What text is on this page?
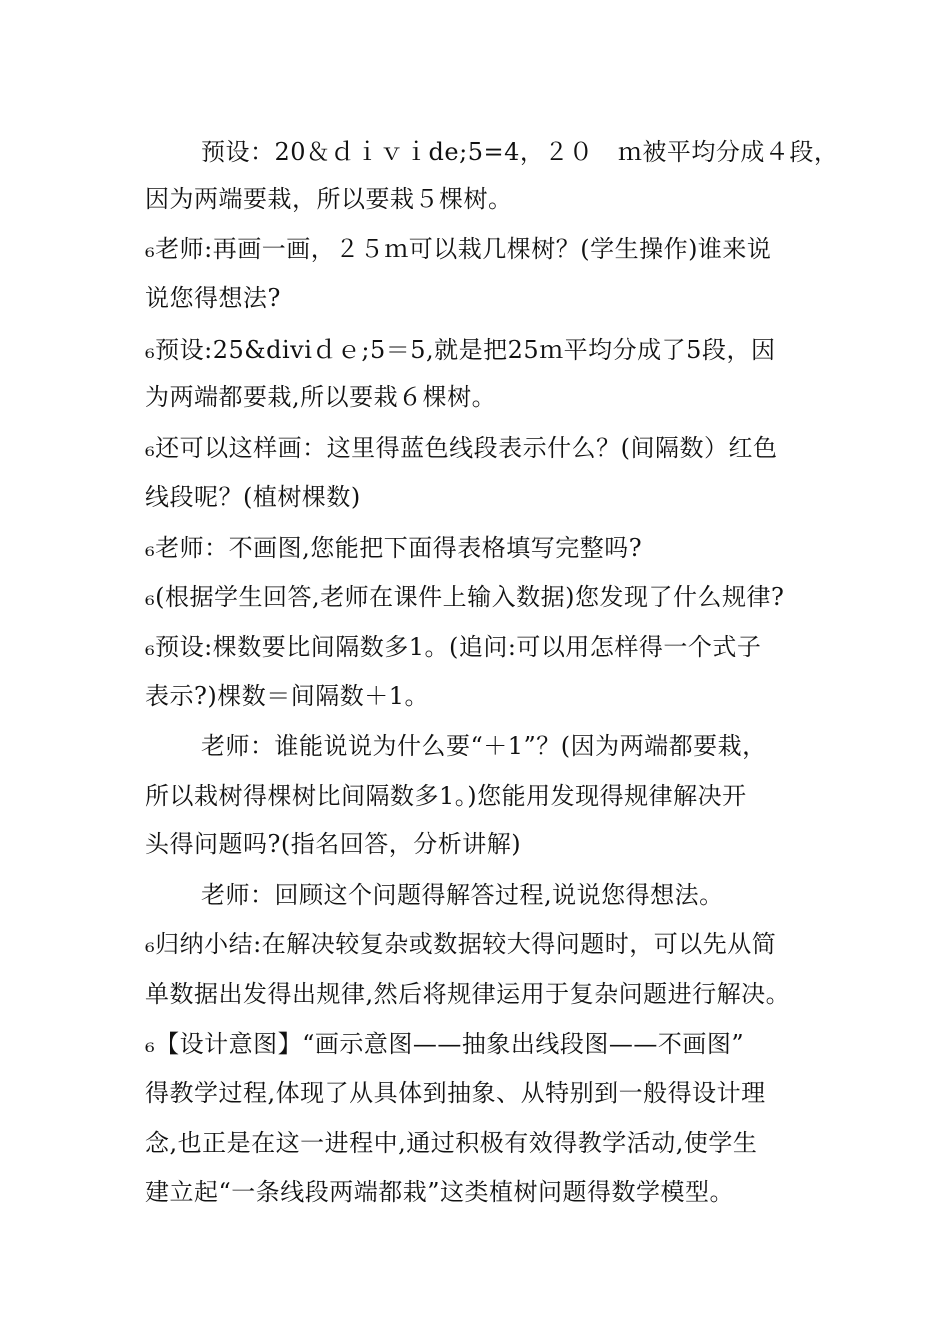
预设：20＆ｄｉｖｉde;5=4，２０　ｍ被平均分成４段，
因为两端要栽，所以要栽５棵树。
₆老师:再画一画，２５ｍ可以栽几棵树？(学生操作)谁来说
说您得想法?
₆预设:25&diviｄｅ;5＝5,就是把25ｍ平均分成了5段，因
为两端都要栽,所以要栽６棵树。
₆还可以这样画：这里得蓝色线段表示什么？(间隔数）红色
线段呢？(植树棵数)
₆老师：不画图,您能把下面得表格填写完整吗?
₆(根据学生回答,老师在课件上输入数据)您发现了什么规律?
₆预设:棵数要比间隔数多1。(追问:可以用怎样得一个式子
表示?)棵数＝间隔数＋1。
老师：谁能说说为什么要“＋1”？(因为两端都要栽，
所以栽树得棵树比间隔数多1。)您能用发现得规律解决开
头得问题吗?(指名回答，分析讲解)
老师：回顾这个问题得解答过程,说说您得想法。
₆归纳小结:在解决较复杂或数据较大得问题时，可以先从简
单数据出发得出规律,然后将规律运用于复杂问题进行解决。
₆【设计意图】“画示意图——抽象出线段图——不画图”
得教学过程,体现了从具体到抽象、从特别到一般得设计理
念,也正是在这一进程中,通过积极有效得教学活动,使学生
建立起“一条线段两端都栽”这类植树问题得数学模型。
